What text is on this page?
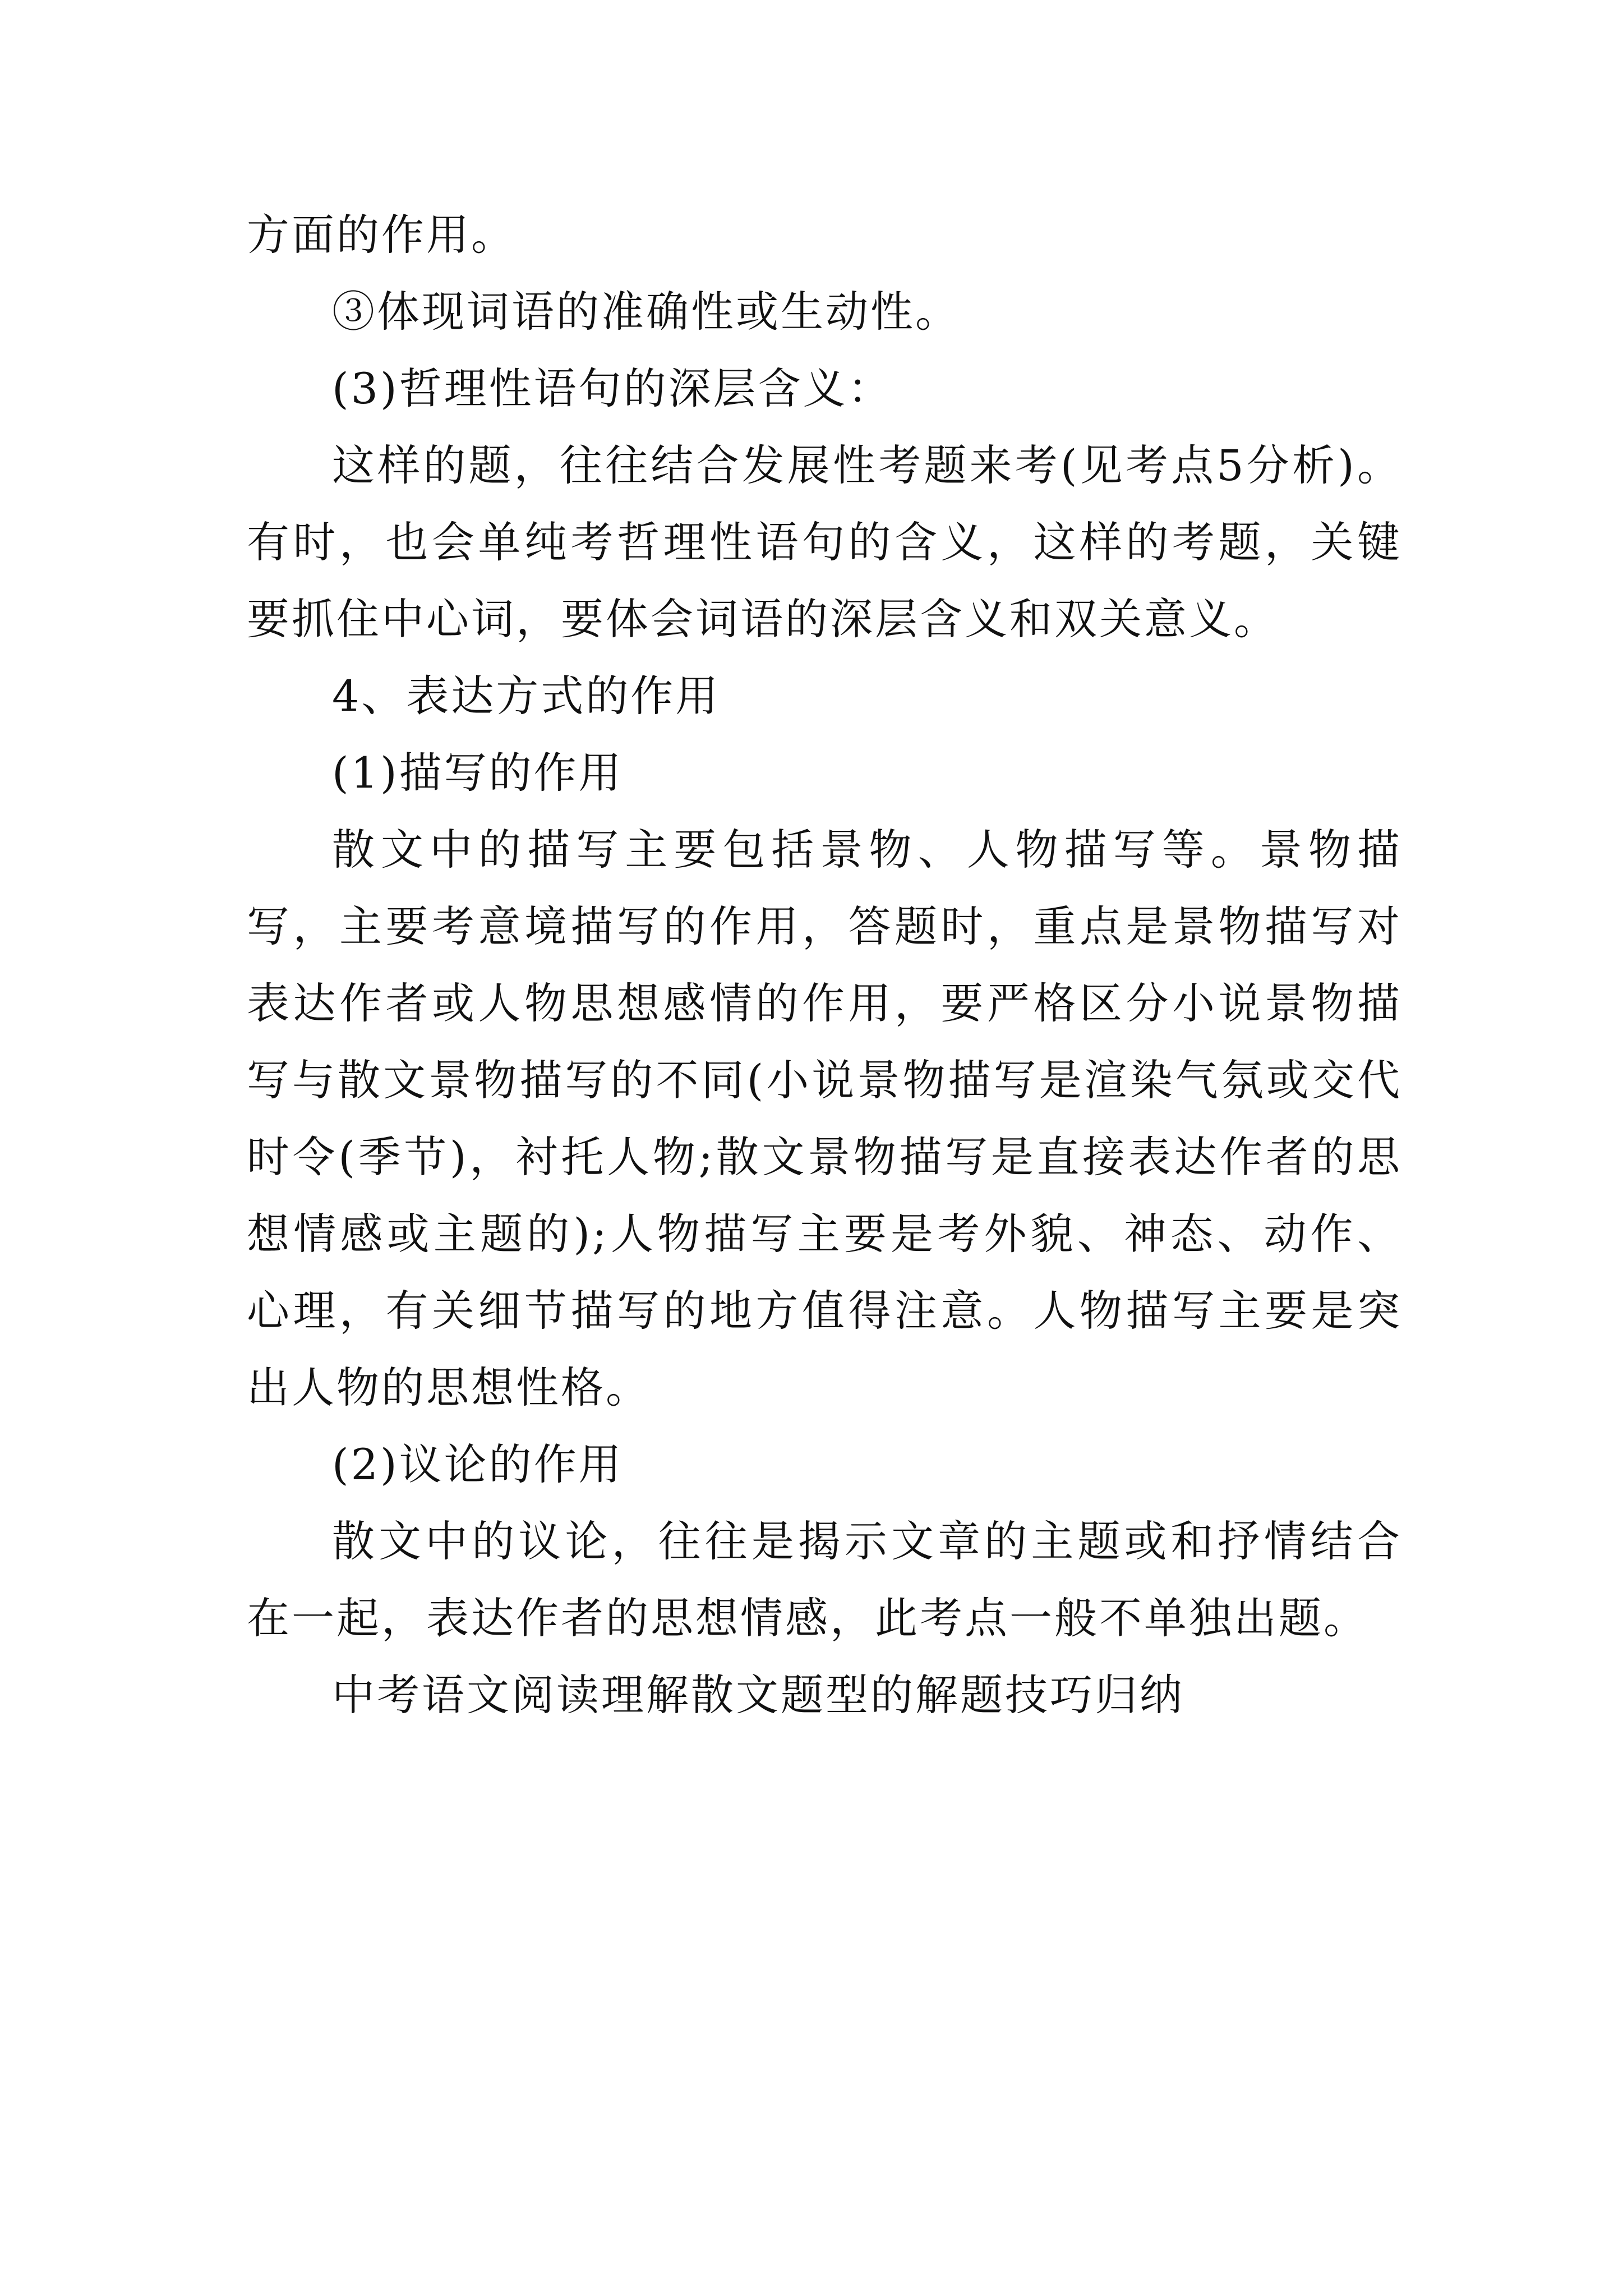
方面的作用。

③体现词语的准确性或生动性。

(3)哲理性语句的深层含义：

这样的题，往往结合发展性考题来考(见考点5分析)。有时，也会单纯考哲理性语句的含义，这样的考题，关键要抓住中心词，要体会词语的深层含义和双关意义。

4、表达方式的作用

(1)描写的作用

散文中的描写主要包括景物、人物描写等。景物描写，主要考意境描写的作用，答题时，重点是景物描写对表达作者或人物思想感情的作用，要严格区分小说景物描写与散文景物描写的不同(小说景物描写是渲染气氛或交代时令(季节)，衬托人物;散文景物描写是直接表达作者的思想情感或主题的);人物描写主要是考外貌、神态、动作、心理，有关细节描写的地方值得注意。人物描写主要是突出人物的思想性格。

(2)议论的作用

散文中的议论，往往是揭示文章的主题或和抒情结合在一起，表达作者的思想情感，此考点一般不单独出题。

中考语文阅读理解散文题型的解题技巧归纳
